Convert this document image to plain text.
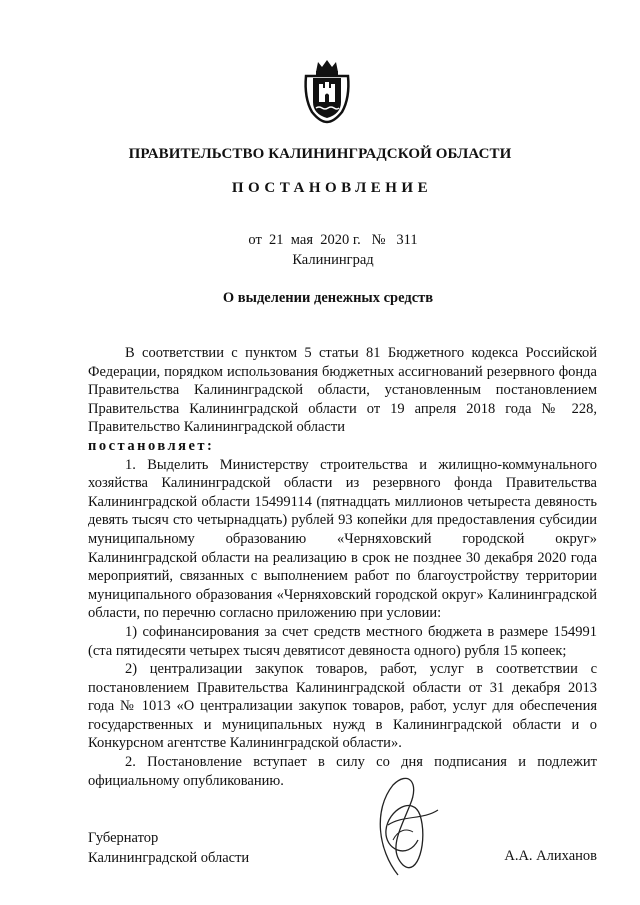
ПРАВИТЕЛЬСТВО КАЛИНИНГРАДСКОЙ ОБЛАСТИ
ПОСТАНОВЛЕНИЕ
от  21  мая  2020 г.   №   311
Калининград
О выделении денежных средств

В соответствии с пунктом 5 статьи 81 Бюджетного кодекса Российской Федерации, порядком использования бюджетных ассигнований резервного фонда Правительства Калининградской области, установленным постановлением Правительства Калининградской области от 19 апреля 2018 года № 228, Правительство Калининградской области

постановляет:

1. Выделить Министерству строительства и жилищно-коммунального хозяйства Калининградской области из резервного фонда Правительства Калининградской области 15499114 (пятнадцать миллионов четыреста девяность девять тысяч сто четырнадцать) рублей 93 копейки для предоставления субсидии муниципальному образованию «Черняховский городской округ» Калининградской области на реализацию в срок не позднее 30 декабря 2020 года мероприятий, связанных с выполнением работ по благоустройству территории муниципального образования «Черняховский городской округ» Калининградской области, по перечню согласно приложению при условии:

1) софинансирования за счет средств местного бюджета в размере 154991 (ста пятидесяти четырех тысяч девятисот девяноста одного) рубля 15 копеек;

2) централизации закупок товаров, работ, услуг в соответствии с постановлением Правительства Калининградской области от 31 декабря 2013 года № 1013 «О централизации закупок товаров, работ, услуг для обеспечения государственных и муниципальных нужд в Калининградской области и о Конкурсном агентстве Калининградской области».

2. Постановление вступает в силу со дня подписания и подлежит официальному опубликованию.

Губернатор
Калининградской области	А.А. Алиханов
